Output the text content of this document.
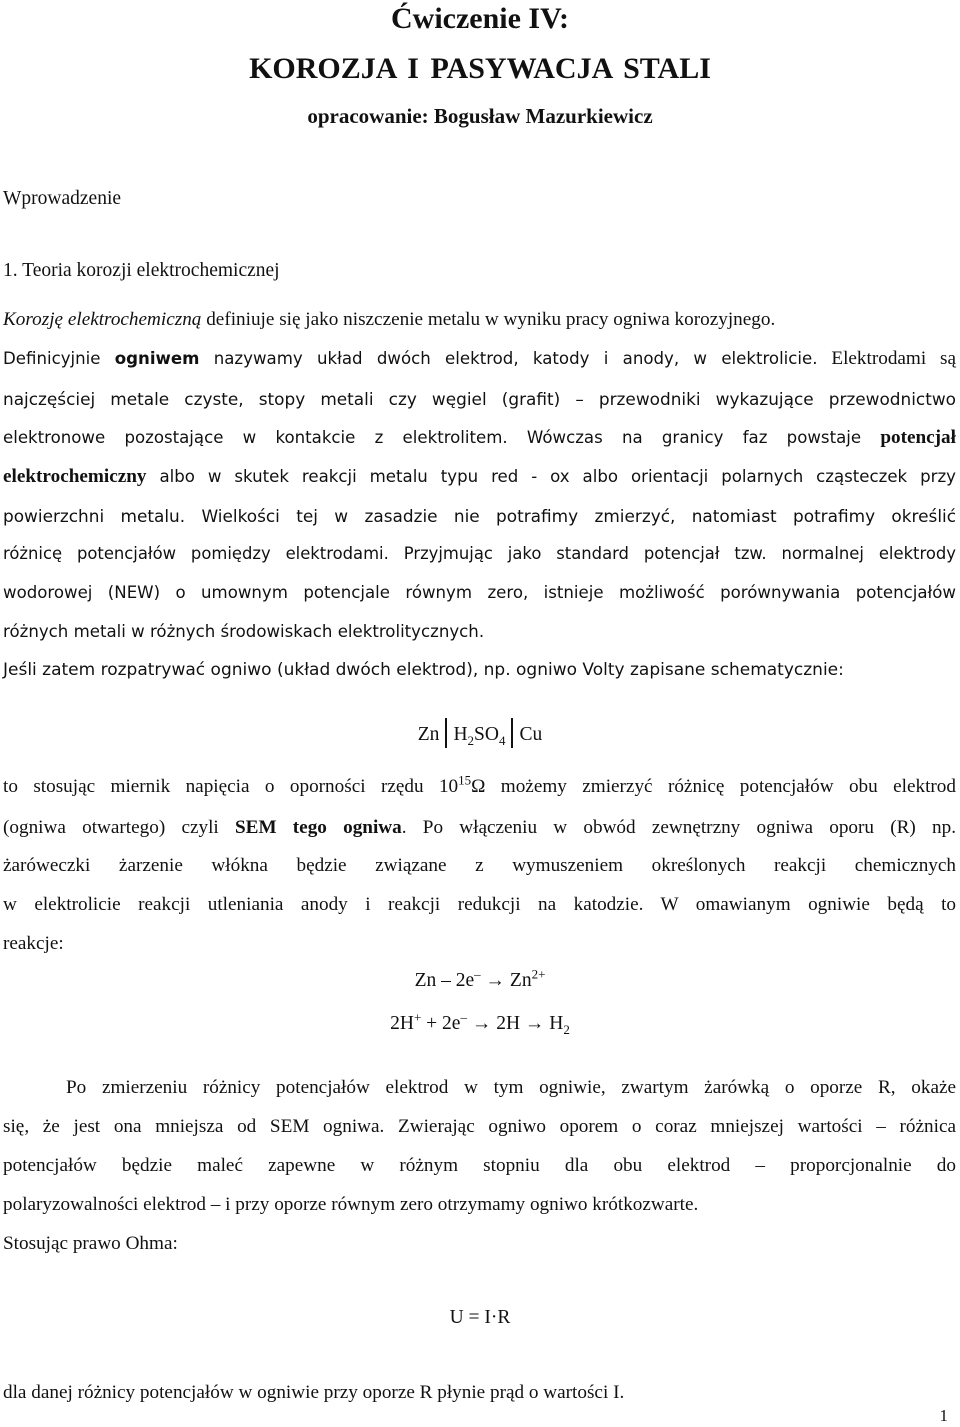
Ćwiczenie IV:
KOROZJA I PASYWACJA STALI
opracowanie: Bogusław Mazurkiewicz
Wprowadzenie
1. Teoria korozji elektrochemicznej
Korozję elektrochemiczną definiuje się jako niszczenie metalu w wyniku pracy ogniwa korozyjnego.
Definicyjnie ogniwem nazywamy układ dwóch elektrod, katody i anody, w elektrolicie. Elektrodami są
najczęściej metale czyste, stopy metali czy węgiel (grafit) – przewodniki wykazujące przewodnictwo
elektronowe pozostające w kontakcie z elektrolitem. Wówczas na granicy faz powstaje potencjał
elektrochemiczny albo w skutek reakcji metalu typu red - ox albo orientacji polarnych cząsteczek przy
powierzchni metalu. Wielkości tej w zasadzie nie potrafimy zmierzyć, natomiast potrafimy określić
różnicę potencjałów pomiędzy elektrodami. Przyjmując jako standard potencjał tzw. normalnej elektrody
wodorowej (NEW) o umownym potencjale równym zero, istnieje możliwość porównywania potencjałów
różnych metali w różnych środowiskach elektrolitycznych.
Jeśli zatem rozpatrywać ogniwo (układ dwóch elektrod), np. ogniwo Volty zapisane schematycznie:
Zn $H_2SO_4$ Cu
to stosując miernik napięcia o oporności rzędu $10^{15}\Omega$ możemy zmierzyć różnicę potencjałów obu elektrod
(ogniwa otwartego) czyli SEM tego ogniwa. Po włączeniu w obwód zewnętrzny ogniwa oporu (R) np.
żaróweczki żarzenie włókna będzie związane z wymuszeniem określonych reakcji chemicznych
w elektrolicie reakcji utleniania anody i reakcji redukcji na katodzie. W omawianym ogniwie będą to
reakcje:
$Zn - 2e^- \to Zn^{2+}$
$2H^+ + 2e^- \to 2H \to H_2$
Po zmierzeniu różnicy potencjałów elektrod w tym ogniwie, zwartym żarówką o oporze R, okaże
się, że jest ona mniejsza od SEM ogniwa. Zwierając ogniwo oporem o coraz mniejszej wartości – różnica
potencjałów będzie maleć zapewne w różnym stopniu dla obu elektrod – proporcjonalnie do
polaryzowalności elektrod – i przy oporze równym zero otrzymamy ogniwo krótkozwarte.
Stosując prawo Ohma:
U = I·R
dla danej różnicy potencjałów w ogniwie przy oporze R płynie prąd o wartości I.
1
